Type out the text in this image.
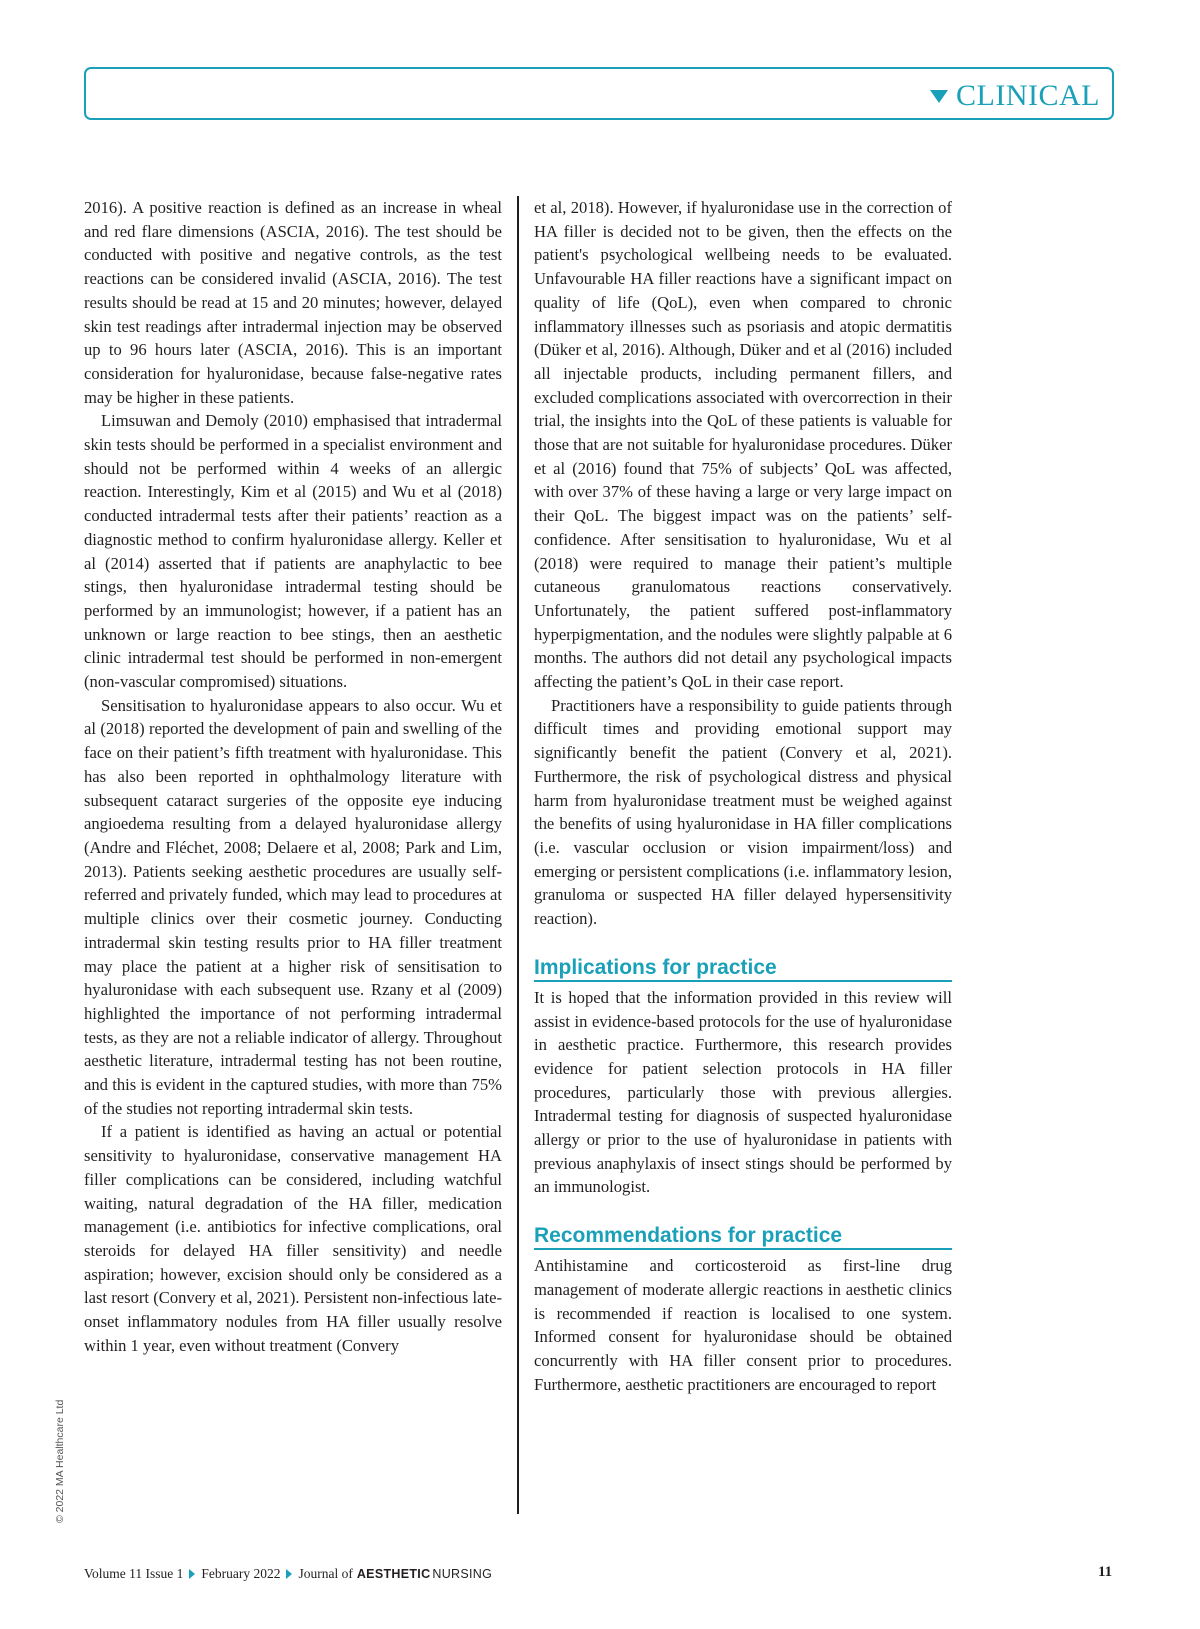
CLINICAL

2016). A positive reaction is defined as an increase in wheal and red flare dimensions (ASCIA, 2016). The test should be conducted with positive and negative controls, as the test reactions can be considered invalid (ASCIA, 2016). The test results should be read at 15 and 20 minutes; however, delayed skin test readings after intradermal injection may be observed up to 96 hours later (ASCIA, 2016). This is an important consideration for hyaluronidase, because false-negative rates may be higher in these patients.

Limsuwan and Demoly (2010) emphasised that intradermal skin tests should be performed in a specialist environment and should not be performed within 4 weeks of an allergic reaction. Interestingly, Kim et al (2015) and Wu et al (2018) conducted intradermal tests after their patients’ reaction as a diagnostic method to confirm hyaluronidase allergy. Keller et al (2014) asserted that if patients are anaphylactic to bee stings, then hyaluronidase intradermal testing should be performed by an immunologist; however, if a patient has an unknown or large reaction to bee stings, then an aesthetic clinic intradermal test should be performed in non-emergent (non-vascular compromised) situations.

Sensitisation to hyaluronidase appears to also occur. Wu et al (2018) reported the development of pain and swelling of the face on their patient’s fifth treatment with hyaluronidase. This has also been reported in ophthalmology literature with subsequent cataract surgeries of the opposite eye inducing angioedema resulting from a delayed hyaluronidase allergy (Andre and Fléchet, 2008; Delaere et al, 2008; Park and Lim, 2013). Patients seeking aesthetic procedures are usually self-referred and privately funded, which may lead to procedures at multiple clinics over their cosmetic journey. Conducting intradermal skin testing results prior to HA filler treatment may place the patient at a higher risk of sensitisation to hyaluronidase with each subsequent use. Rzany et al (2009) highlighted the importance of not performing intradermal tests, as they are not a reliable indicator of allergy. Throughout aesthetic literature, intradermal testing has not been routine, and this is evident in the captured studies, with more than 75% of the studies not reporting intradermal skin tests.

If a patient is identified as having an actual or potential sensitivity to hyaluronidase, conservative management HA filler complications can be considered, including watchful waiting, natural degradation of the HA filler, medication management (i.e. antibiotics for infective complications, oral steroids for delayed HA filler sensitivity) and needle aspiration; however, excision should only be considered as a last resort (Convery et al, 2021). Persistent non-infectious late-onset inflammatory nodules from HA filler usually resolve within 1 year, even without treatment (Convery

et al, 2018). However, if hyaluronidase use in the correction of HA filler is decided not to be given, then the effects on the patient's psychological wellbeing needs to be evaluated. Unfavourable HA filler reactions have a significant impact on quality of life (QoL), even when compared to chronic inflammatory illnesses such as psoriasis and atopic dermatitis (Düker et al, 2016). Although, Düker and et al (2016) included all injectable products, including permanent fillers, and excluded complications associated with overcorrection in their trial, the insights into the QoL of these patients is valuable for those that are not suitable for hyaluronidase procedures. Düker et al (2016) found that 75% of subjects’ QoL was affected, with over 37% of these having a large or very large impact on their QoL. The biggest impact was on the patients’ self-confidence. After sensitisation to hyaluronidase, Wu et al (2018) were required to manage their patient’s multiple cutaneous granulomatous reactions conservatively. Unfortunately, the patient suffered post-inflammatory hyperpigmentation, and the nodules were slightly palpable at 6 months. The authors did not detail any psychological impacts affecting the patient’s QoL in their case report.

Practitioners have a responsibility to guide patients through difficult times and providing emotional support may significantly benefit the patient (Convery et al, 2021). Furthermore, the risk of psychological distress and physical harm from hyaluronidase treatment must be weighed against the benefits of using hyaluronidase in HA filler complications (i.e. vascular occlusion or vision impairment/loss) and emerging or persistent complications (i.e. inflammatory lesion, granuloma or suspected HA filler delayed hypersensitivity reaction).

Implications for practice

It is hoped that the information provided in this review will assist in evidence-based protocols for the use of hyaluronidase in aesthetic practice. Furthermore, this research provides evidence for patient selection protocols in HA filler procedures, particularly those with previous allergies. Intradermal testing for diagnosis of suspected hyaluronidase allergy or prior to the use of hyaluronidase in patients with previous anaphylaxis of insect stings should be performed by an immunologist.

Recommendations for practice

Antihistamine and corticosteroid as first-line drug management of moderate allergic reactions in aesthetic clinics is recommended if reaction is localised to one system. Informed consent for hyaluronidase should be obtained concurrently with HA filler consent prior to procedures. Furthermore, aesthetic practitioners are encouraged to report

© 2022 MA Healthcare Ltd
Volume 11 Issue 1 February 2022 Journal of AESTHETIC NURSING	11
